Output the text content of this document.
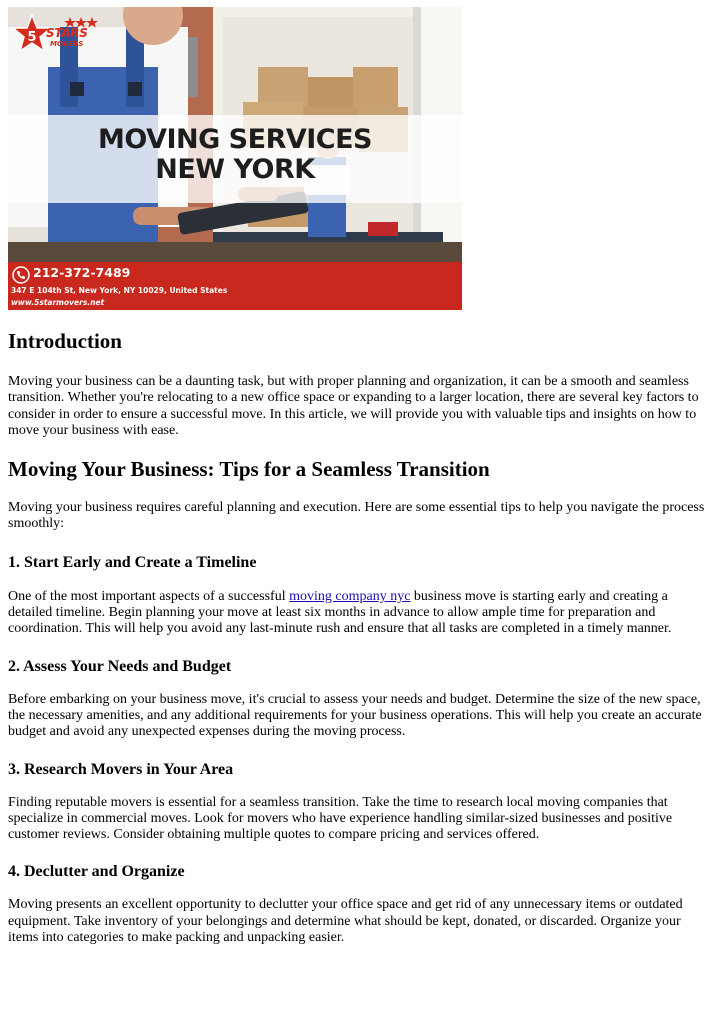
MOVING SERVICES
NEW YORK
5 STARS
MOVERS
212-372-7489
347 E 104th St, New York, NY 10029, United States
www.5starmovers.net
Introduction

Moving your business can be a daunting task, but with proper planning and organization, it can be a smooth and seamless transition. Whether you're relocating to a new office space or expanding to a larger location, there are several key factors to consider in order to ensure a successful move. In this article, we will provide you with valuable tips and insights on how to move your business with ease.

Moving Your Business: Tips for a Seamless Transition

Moving your business requires careful planning and execution. Here are some essential tips to help you navigate the process smoothly:

1. Start Early and Create a Timeline

One of the most important aspects of a successful moving company nyc business move is starting early and creating a detailed timeline. Begin planning your move at least six months in advance to allow ample time for preparation and coordination. This will help you avoid any last-minute rush and ensure that all tasks are completed in a timely manner.

2. Assess Your Needs and Budget

Before embarking on your business move, it's crucial to assess your needs and budget. Determine the size of the new space, the necessary amenities, and any additional requirements for your business operations. This will help you create an accurate budget and avoid any unexpected expenses during the moving process.

3. Research Movers in Your Area

Finding reputable movers is essential for a seamless transition. Take the time to research local moving companies that specialize in commercial moves. Look for movers who have experience handling similar-sized businesses and positive customer reviews. Consider obtaining multiple quotes to compare pricing and services offered.

4. Declutter and Organize

Moving presents an excellent opportunity to declutter your office space and get rid of any unnecessary items or outdated equipment. Take inventory of your belongings and determine what should be kept, donated, or discarded. Organize your items into categories to make packing and unpacking easier.
